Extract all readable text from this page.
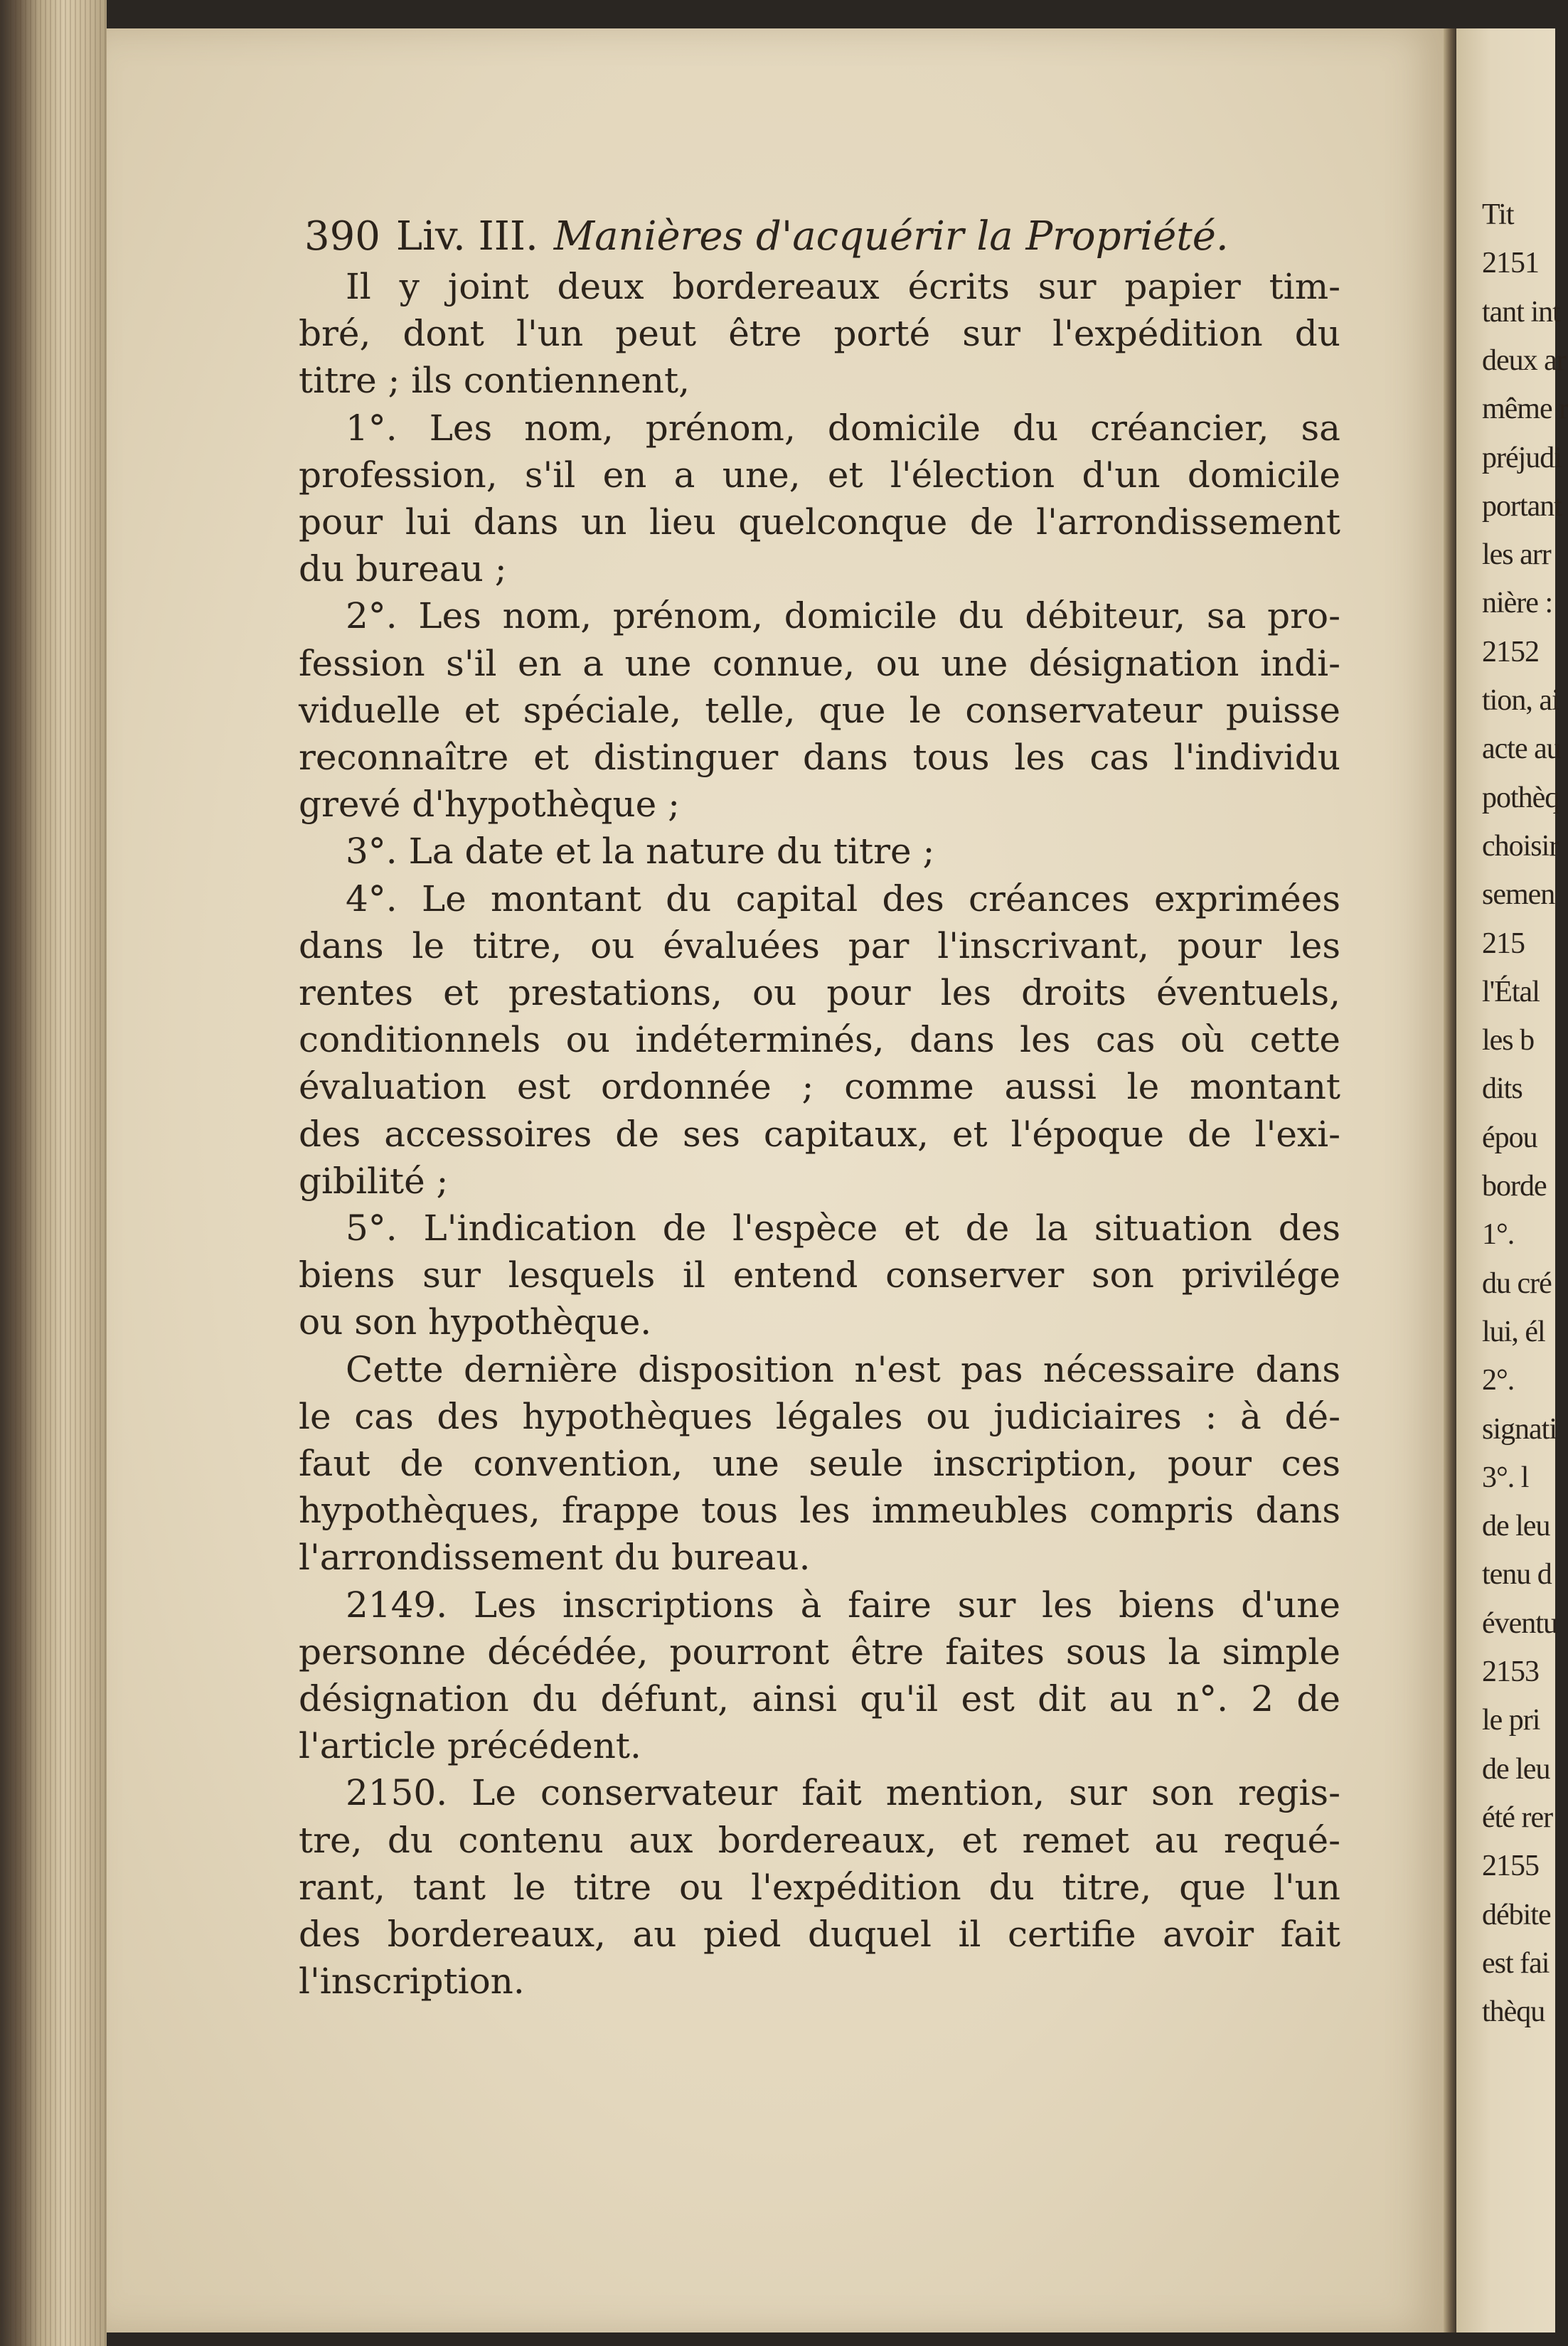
Tit
2151
tant int
deux ar
même r
préjudi
portant
les arr
nière :
2152
tion, ai
acte au
pothèq
choisir
semen
215
l'Étal
les b
dits
épou
borde
1°.
du cré
lui, él
2°.
signati
3°. l
de leu
tenu d
éventu
2153
le pri
de leu
été rer
2155
débite
est fai
thèqu
390 Liv. III. Manières d'acquérir la Propriété.
Il y joint deux bordereaux écrits sur papier tim-
bré, dont l'un peut être porté sur l'expédition du
titre ; ils contiennent,
1°. Les nom, prénom, domicile du créancier, sa
profession, s'il en a une, et l'élection d'un domicile
pour lui dans un lieu quelconque de l'arrondissement
du bureau ;
2°. Les nom, prénom, domicile du débiteur, sa pro-
fession s'il en a une connue, ou une désignation indi-
viduelle et spéciale, telle, que le conservateur puisse
reconnaître et distinguer dans tous les cas l'individu
grevé d'hypothèque ;
3°. La date et la nature du titre ;
4°. Le montant du capital des créances exprimées
dans le titre, ou évaluées par l'inscrivant, pour les
rentes et prestations, ou pour les droits éventuels,
conditionnels ou indéterminés, dans les cas où cette
évaluation est ordonnée ; comme aussi le montant
des accessoires de ses capitaux, et l'époque de l'exi-
gibilité ;
5°. L'indication de l'espèce et de la situation des
biens sur lesquels il entend conserver son privilége
ou son hypothèque.
Cette dernière disposition n'est pas nécessaire dans
le cas des hypothèques légales ou judiciaires : à dé-
faut de convention, une seule inscription, pour ces
hypothèques, frappe tous les immeubles compris dans
l'arrondissement du bureau.
2149. Les inscriptions à faire sur les biens d'une
personne décédée, pourront être faites sous la simple
désignation du défunt, ainsi qu'il est dit au n°. 2 de
l'article précédent.
2150. Le conservateur fait mention, sur son regis-
tre, du contenu aux bordereaux, et remet au requé-
rant, tant le titre ou l'expédition du titre, que l'un
des bordereaux, au pied duquel il certifie avoir fait
l'inscription.
